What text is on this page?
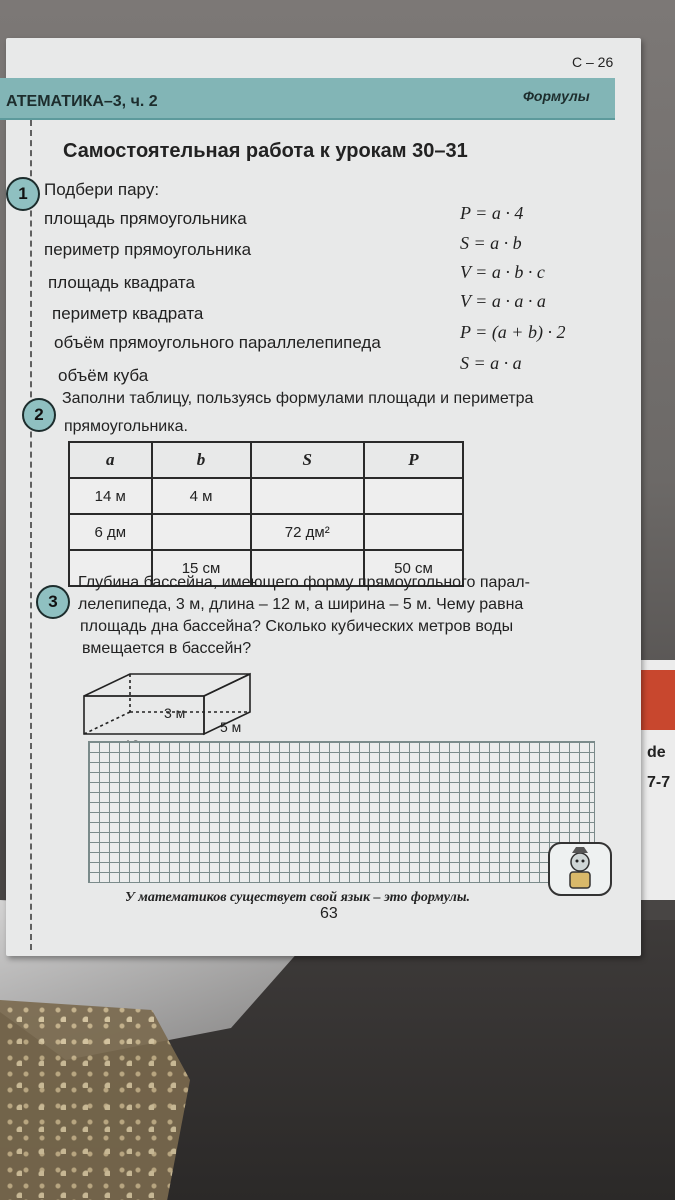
de
7-7
С – 26
АТЕМАТИКА–3, ч. 2	Формулы
Самостоятельная работа к урокам 30–31
1 Подбери пару:
площадь прямоугольника
периметр прямоугольника
площадь квадрата
периметр квадрата
объём прямоугольного параллелепипеда
объём куба
P = a · 4
S = a · b
V = a · b · c
V = a · a · a
P = (a + b) · 2
S = a · a
2
Заполни таблицу, пользуясь формулами площади и периметра
прямоугольника.
a	b	S	P
14 м	4 м		
6 дм		72 дм²	
	15 см		50 см
3
Глубина бассейна, имеющего форму прямоугольного парал-
лелепипеда, 3 м, длина – 12 м, а ширина – 5 м. Чему равна
площадь дна бассейна? Сколько кубических метров воды
вмещается в бассейн?
3 м
5 м
У математиков существует свой язык – это формулы.
63
